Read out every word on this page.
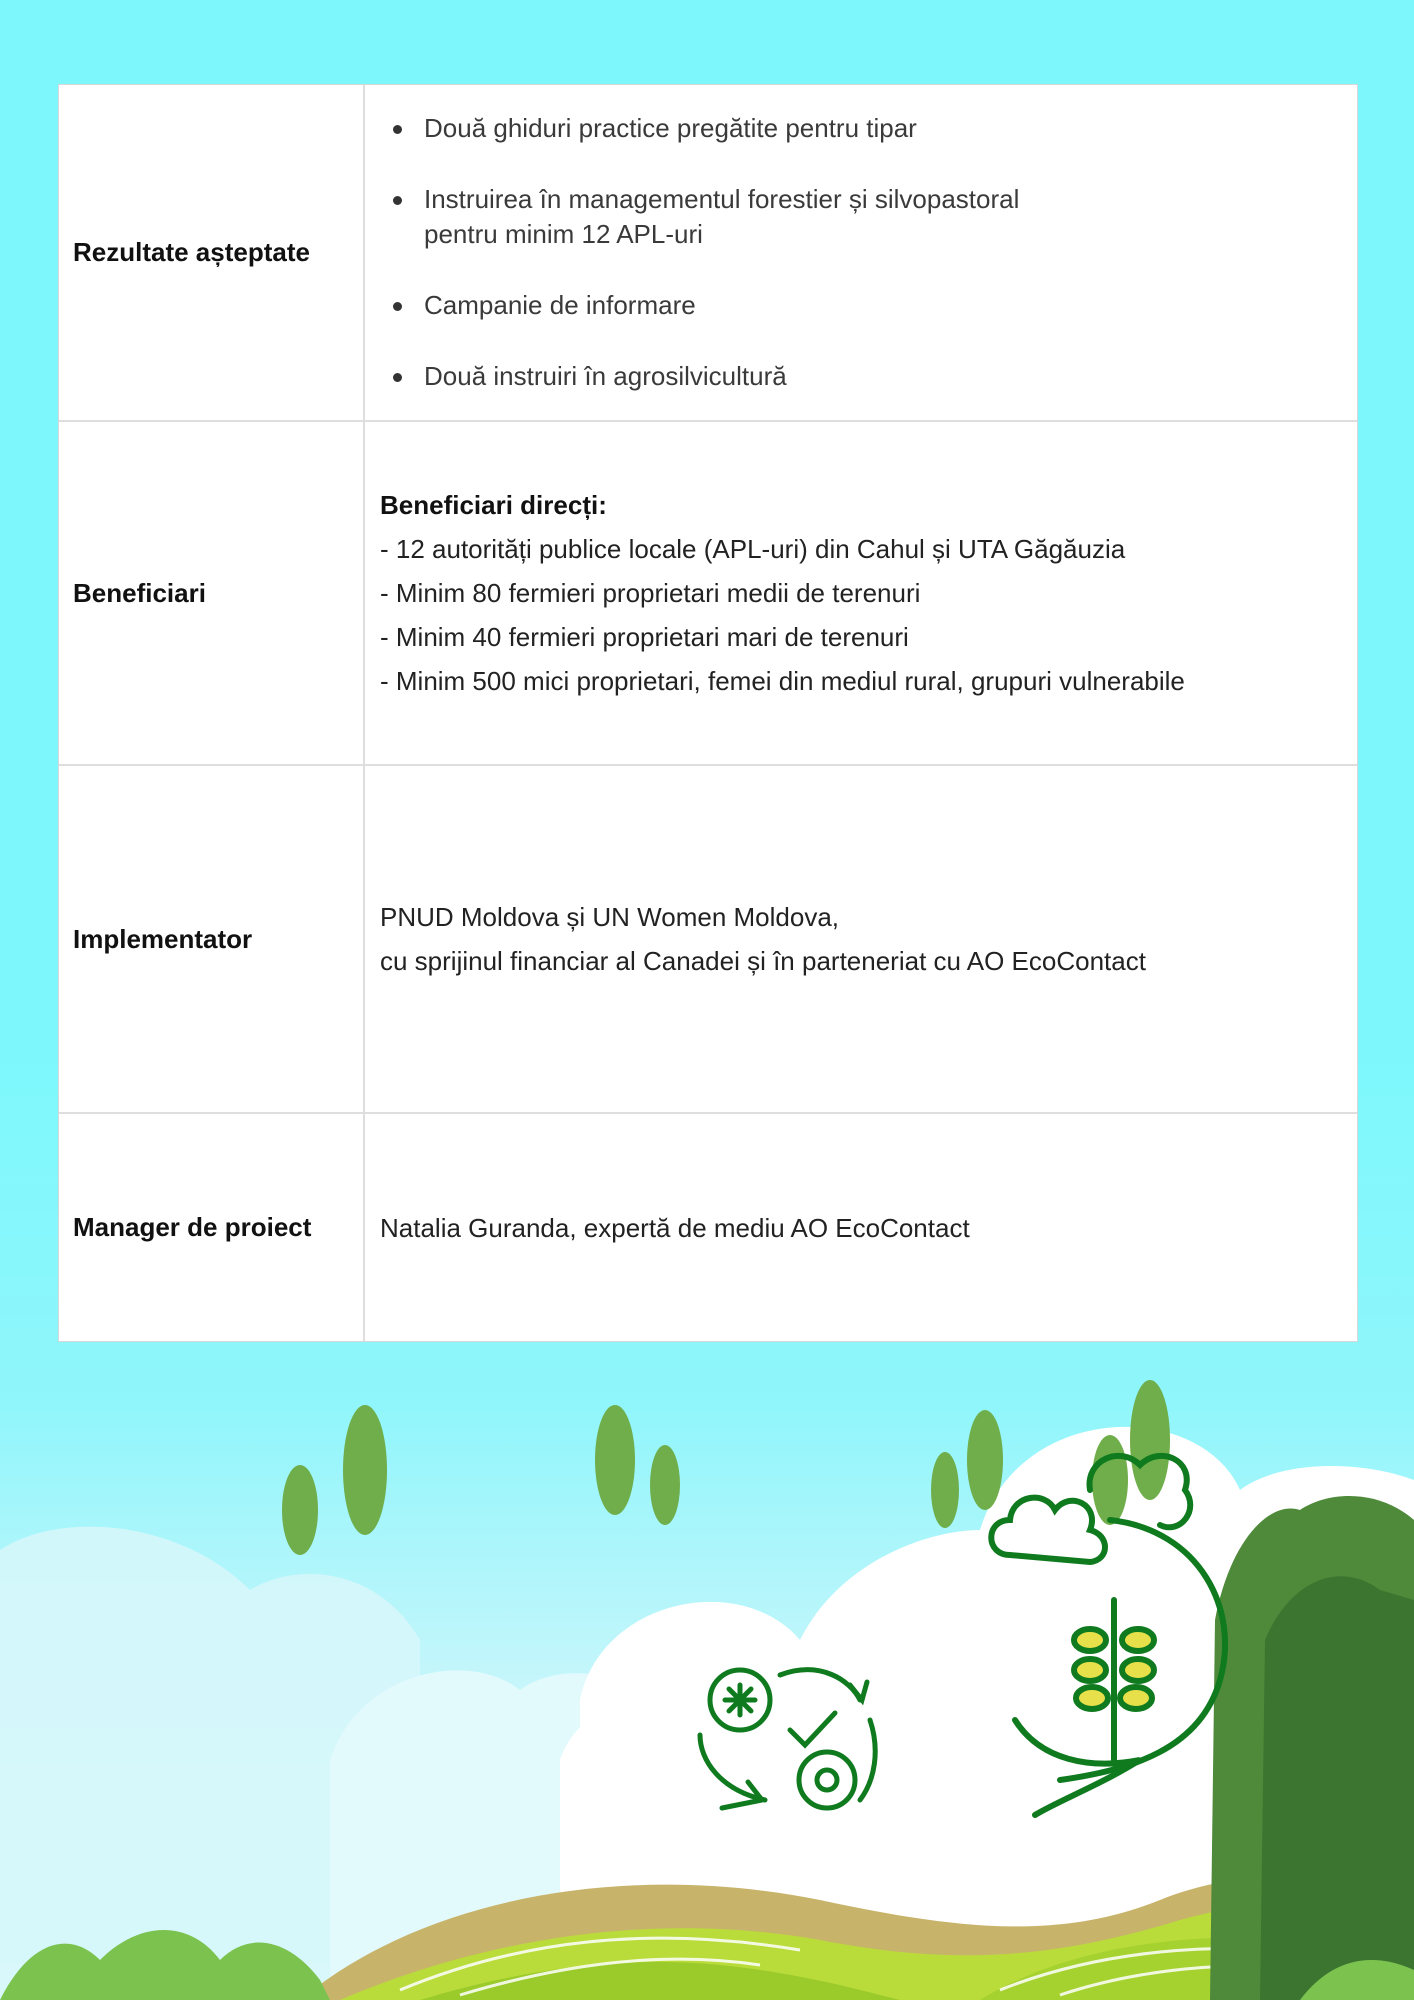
Rezultate așteptate
Două ghiduri practice pregătite pentru tipar
Instruirea în managementul forestier și silvopastoral
pentru minim 12 APL-uri
Campanie de informare
Două instruiri în agrosilvicultură
Beneficiari
Beneficiari direcți:
- 12 autorități publice locale (APL-uri) din Cahul și UTA Găgăuzia
- Minim 80 fermieri proprietari medii de terenuri
- Minim 40 fermieri proprietari mari de terenuri
- Minim 500 mici proprietari, femei din mediul rural, grupuri vulnerabile
Implementator
PNUD Moldova și UN Women Moldova,
cu sprijinul financiar al Canadei și în parteneriat cu AO EcoContact
Manager de proiect	Natalia Guranda, expertă de mediu AO EcoContact
